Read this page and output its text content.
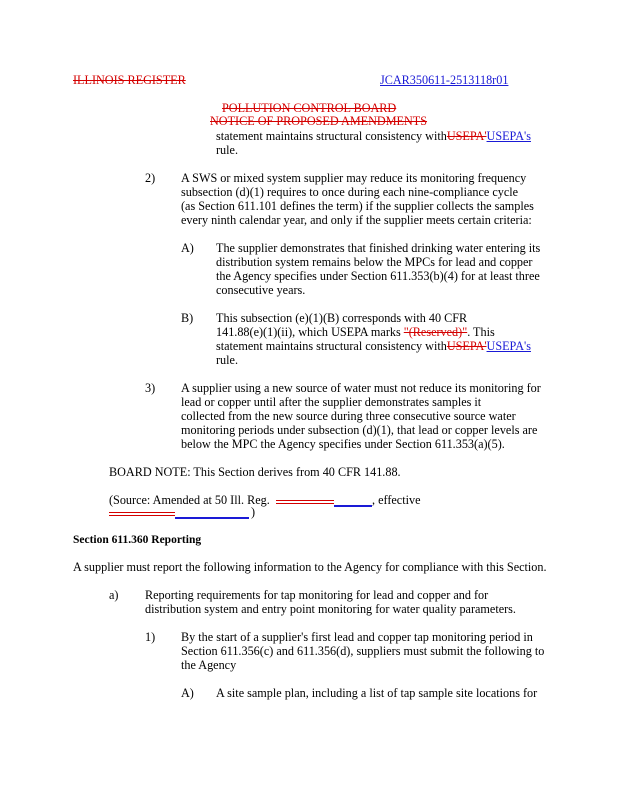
ILLINOIS REGISTER	JCAR350611-2513118r01
POLLUTION CONTROL BOARD
NOTICE OF PROPOSED AMENDMENTS
statement maintains structural consistency withUSEPA'USEPA's
rule.
2) A SWS or mixed system supplier may reduce its monitoring frequency
subsection (d)(1) requires to once during each nine-compliance cycle
(as Section 611.101 defines the term) if the supplier collects the samples
every ninth calendar year, and only if the supplier meets certain criteria:
A) The supplier demonstrates that finished drinking water entering its
distribution system remains below the MPCs for lead and copper
the Agency specifies under Section 611.353(b)(4) for at least three
consecutive years.
B) This subsection (e)(1)(B) corresponds with 40 CFR
141.88(e)(1)(ii), which USEPA marks "(Reserved)". This
statement maintains structural consistency withUSEPA'USEPA's
rule.
3) A supplier using a new source of water must not reduce its monitoring for
lead or copper until after the supplier demonstrates samples it
collected from the new source during three consecutive source water
monitoring periods under subsection (d)(1), that lead or copper levels are
below the MPC the Agency specifies under Section 611.353(a)(5).
BOARD NOTE: This Section derives from 40 CFR 141.88.
(Source: Amended at 50 Ill. Reg.	, effective
)
Section 611.360 Reporting
A supplier must report the following information to the Agency for compliance with this Section.
a) Reporting requirements for tap monitoring for lead and copper and for
distribution system and entry point monitoring for water quality parameters.
1) By the start of a supplier's first lead and copper tap monitoring period in
Section 611.356(c) and 611.356(d), suppliers must submit the following to
the Agency
A) A site sample plan, including a list of tap sample site locations for
